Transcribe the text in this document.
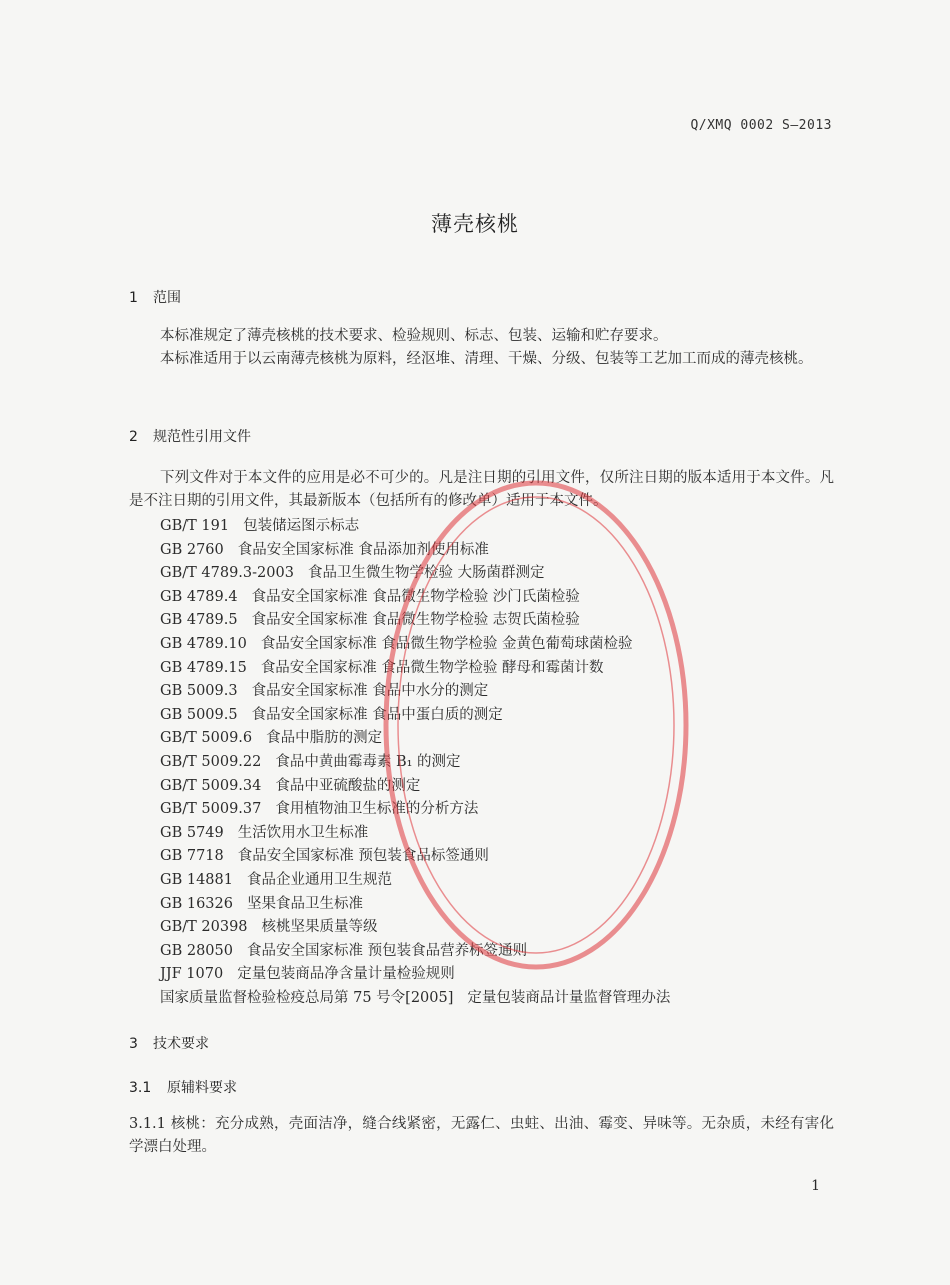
Q/XMQ 0002 S—2013
薄壳核桃
1 范围

本标准规定了薄壳核桃的技术要求、检验规则、标志、包装、运输和贮存要求。

本标准适用于以云南薄壳核桃为原料，经沤堆、清理、干燥、分级、包装等工艺加工而成的薄壳核桃。

2 规范性引用文件

下列文件对于本文件的应用是必不可少的。凡是注日期的引用文件，仅所注日期的版本适用于本文件。凡是不注日期的引用文件，其最新版本（包括所有的修改单）适用于本文件。

GB/T 191 包装储运图示标志
GB 2760 食品安全国家标准 食品添加剂使用标准
GB/T 4789.3-2003 食品卫生微生物学检验 大肠菌群测定
GB 4789.4 食品安全国家标准 食品微生物学检验 沙门氏菌检验
GB 4789.5 食品安全国家标准 食品微生物学检验 志贺氏菌检验
GB 4789.10 食品安全国家标准 食品微生物学检验 金黄色葡萄球菌检验
GB 4789.15 食品安全国家标准 食品微生物学检验 酵母和霉菌计数
GB 5009.3 食品安全国家标准 食品中水分的测定
GB 5009.5 食品安全国家标准 食品中蛋白质的测定
GB/T 5009.6 食品中脂肪的测定
GB/T 5009.22 食品中黄曲霉毒素 B₁ 的测定
GB/T 5009.34 食品中亚硫酸盐的测定
GB/T 5009.37 食用植物油卫生标准的分析方法
GB 5749 生活饮用水卫生标准
GB 7718 食品安全国家标准 预包装食品标签通则
GB 14881 食品企业通用卫生规范
GB 16326 坚果食品卫生标准
GB/T 20398 核桃坚果质量等级
GB 28050 食品安全国家标准 预包装食品营养标签通则
JJF 1070 定量包装商品净含量计量检验规则
国家质量监督检验检疫总局第 75 号令[2005] 定量包装商品计量监督管理办法
3 技术要求
3.1 原辅料要求

3.1.1 核桃：充分成熟，壳面洁净，缝合线紧密，无露仁、虫蛀、出油、霉变、异味等。无杂质，未经有害化学漂白处理。

1
